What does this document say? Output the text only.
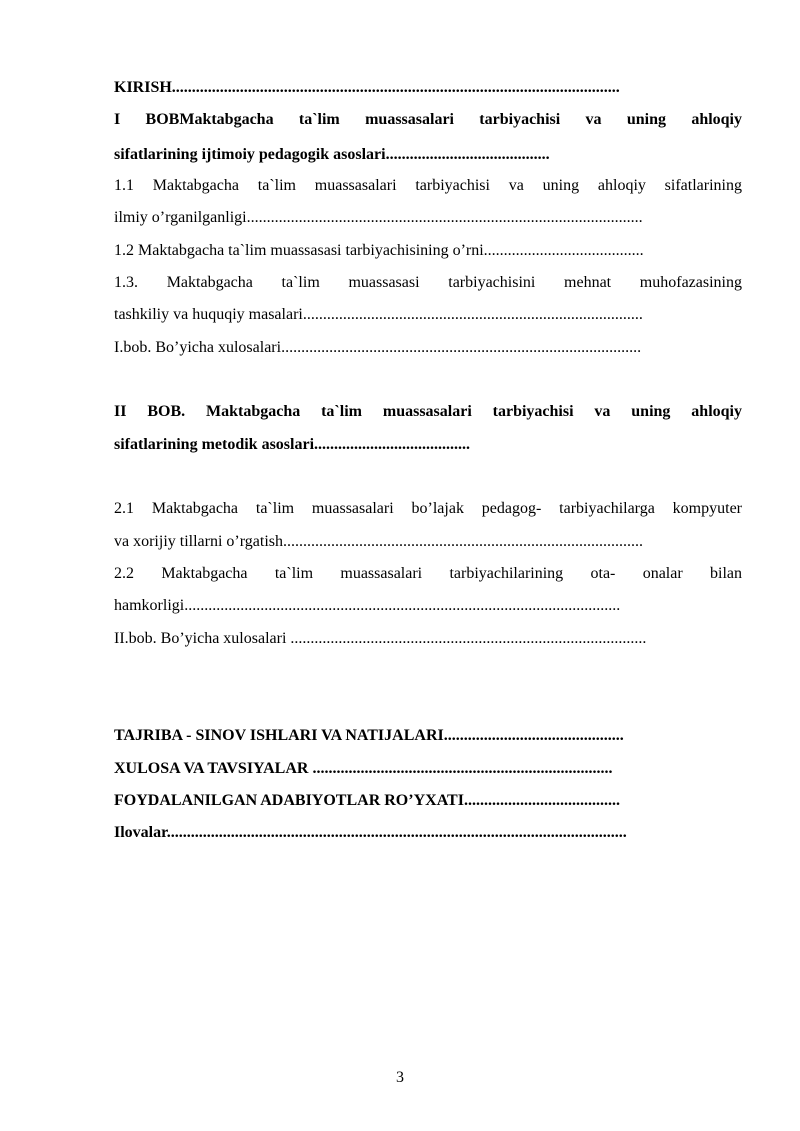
KIRISH................................................................................................................
I BOBMaktabgacha ta`lim muassasalari tarbiyachisi va uning ahloqiy
sifatlarining ijtimoiy pedagogik asoslari.........................................
1.1 Maktabgacha ta`lim muassasalari tarbiyachisi va uning ahloqiy sifatlarining
ilmiy o’rganilganligi...................................................................................................
1.2 Maktabgacha ta`lim muassasasi tarbiyachisining o’rni........................................
1.3. Maktabgacha ta`lim muassasasi tarbiyachisini mehnat muhofazasining
tashkiliy va huquqiy masalari.....................................................................................
I.bob. Bo’yicha xulosalari..........................................................................................
II BOB. Maktabgacha ta`lim muassasalari tarbiyachisi va uning ahloqiy
sifatlarining metodik asoslari.......................................
2.1 Maktabgacha ta`lim muassasalari bo’lajak pedagog- tarbiyachilarga kompyuter
va xorijiy tillarni o’rgatish..........................................................................................
2.2 Maktabgacha ta`lim muassasalari tarbiyachilarining ota- onalar bilan
hamkorligi.............................................................................................................
II.bob. Bo’yicha xulosalari .........................................................................................
TAJRIBA - SINOV ISHLARI VA NATIJALARI.............................................
XULOSA VA TAVSIYALAR ...........................................................................
FOYDALANILGAN ADABIYOTLAR RO’YXATI.......................................
Ilovalar...................................................................................................................
3
